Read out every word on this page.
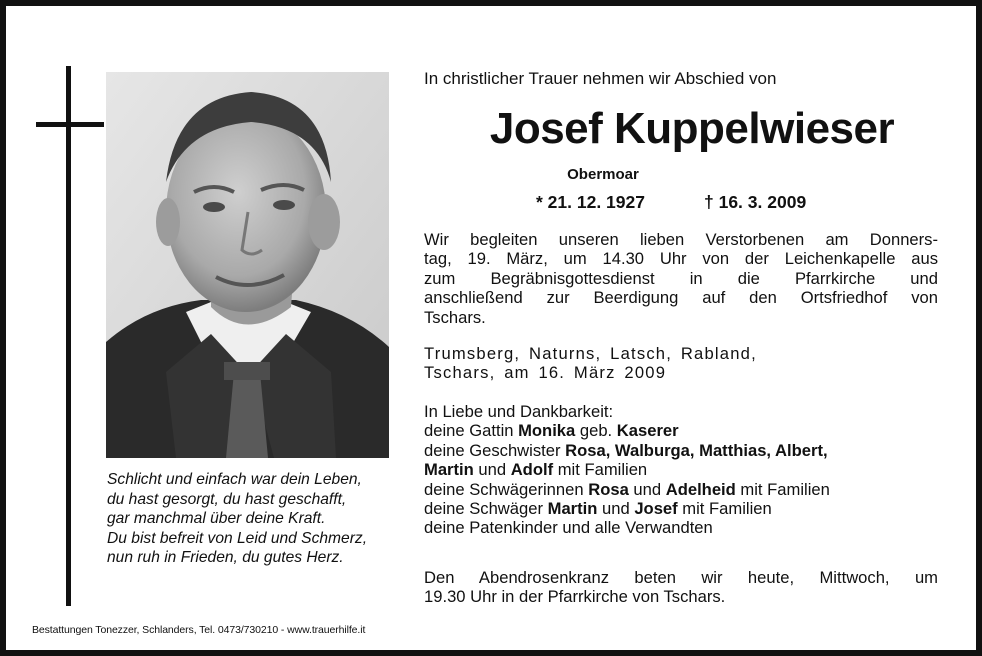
Schlicht und einfach war dein Leben,
du hast gesorgt, du hast geschafft,
gar manchmal über deine Kraft.
Du bist befreit von Leid und Schmerz,
nun ruh in Frieden, du gutes Herz.
Bestattungen Tonezzer, Schlanders, Tel. 0473/730210 - www.trauerhilfe.it
In christlicher Trauer nehmen wir Abschied von
Josef Kuppelwieser
Obermoar
* 21. 12. 1927	† 16. 3. 2009
Wir begleiten unseren lieben Verstorbenen am Donners-
tag, 19. März, um 14.30 Uhr von der Leichenkapelle aus
zum Begräbnisgottesdienst in die Pfarrkirche und
anschließend zur Beerdigung auf den Ortsfriedhof von
Tschars.
Trumsberg, Naturns, Latsch, Rabland,
Tschars, am 16. März 2009
In Liebe und Dankbarkeit:
deine Gattin Monika geb. Kaserer
deine Geschwister Rosa, Walburga, Matthias, Albert,
Martin und Adolf mit Familien
deine Schwägerinnen Rosa und Adelheid mit Familien
deine Schwäger Martin und Josef mit Familien
deine Patenkinder und alle Verwandten
Den Abendrosenkranz beten wir heute, Mittwoch, um
19.30 Uhr in der Pfarrkirche von Tschars.
